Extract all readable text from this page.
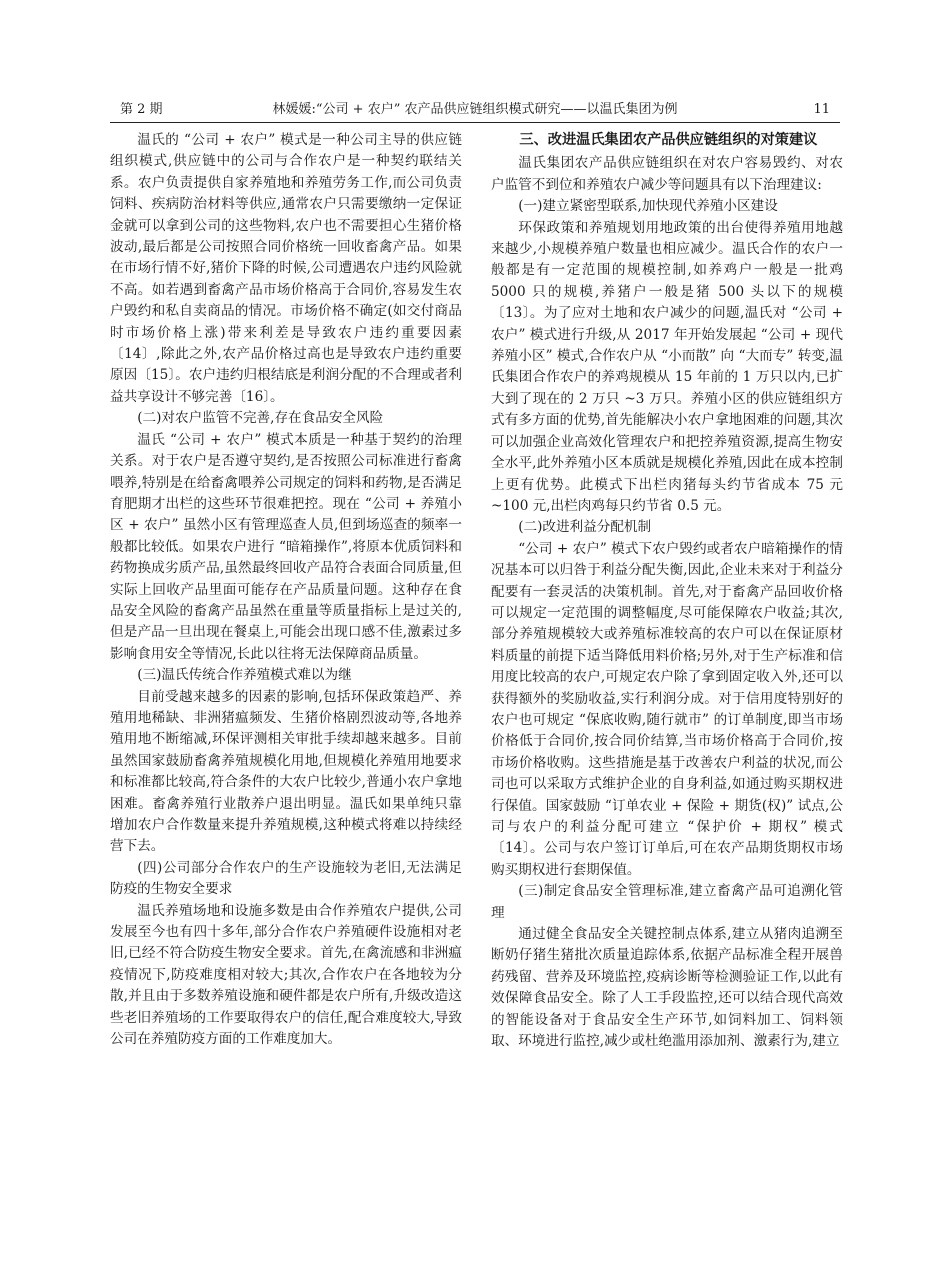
第 2 期	林媛媛:“公司 + 农户” 农产品供应链组织模式研究——以温氏集团为例	11

温氏的 “公司 + 农户” 模式是一种公司主导的供应链组织模式,供应链中的公司与合作农户是一种契约联结关系。农户负责提供自家养殖地和养殖劳务工作,而公司负责饲料、疾病防治材料等供应,通常农户只需要缴纳一定保证金就可以拿到公司的这些物料,农户也不需要担心生猪价格波动,最后都是公司按照合同价格统一回收畜禽产品。如果在市场行情不好,猪价下降的时候,公司遭遇农户违约风险就不高。如若遇到畜禽产品市场价格高于合同价,容易发生农户毁约和私自卖商品的情况。市场价格不确定(如交付商品时市场价格上涨)带来利差是导致农户违约重要因素〔14〕,除此之外,农产品价格过高也是导致农户违约重要原因〔15〕。农户违约归根结底是利润分配的不合理或者利益共享设计不够完善〔16〕。

(二)对农户监管不完善,存在食品安全风险

温氏 “公司 + 农户” 模式本质是一种基于契约的治理关系。对于农户是否遵守契约,是否按照公司标准进行畜禽喂养,特别是在给畜禽喂养公司规定的饲料和药物,是否满足育肥期才出栏的这些环节很难把控。现在 “公司 + 养殖小区 + 农户” 虽然小区有管理巡查人员,但到场巡查的频率一般都比较低。如果农户进行 “暗箱操作”,将原本优质饲料和药物换成劣质产品,虽然最终回收产品符合表面合同质量,但实际上回收产品里面可能存在产品质量问题。这种存在食品安全风险的畜禽产品虽然在重量等质量指标上是过关的,但是产品一旦出现在餐桌上,可能会出现口感不佳,激素过多影响食用安全等情况,长此以往将无法保障商品质量。

(三)温氏传统合作养殖模式难以为继

目前受越来越多的因素的影响,包括环保政策趋严、养殖用地稀缺、非洲猪瘟频发、生猪价格剧烈波动等,各地养殖用地不断缩减,环保评测相关审批手续却越来越多。目前虽然国家鼓励畜禽养殖规模化用地,但规模化养殖用地要求和标准都比较高,符合条件的大农户比较少,普通小农户拿地困难。畜禽养殖行业散养户退出明显。温氏如果单纯只靠增加农户合作数量来提升养殖规模,这种模式将难以持续经营下去。

(四)公司部分合作农户的生产设施较为老旧,无法满足防疫的生物安全要求

温氏养殖场地和设施多数是由合作养殖农户提供,公司发展至今也有四十多年,部分合作农户养殖硬件设施相对老旧,已经不符合防疫生物安全要求。首先,在禽流感和非洲瘟疫情况下,防疫难度相对较大;其次,合作农户在各地较为分散,并且由于多数养殖设施和硬件都是农户所有,升级改造这些老旧养殖场的工作要取得农户的信任,配合难度较大,导致公司在养殖防疫方面的工作难度加大。

三、改进温氏集团农产品供应链组织的对策建议

温氏集团农产品供应链组织在对农户容易毁约、对农户监管不到位和养殖农户减少等问题具有以下治理建议:

(一)建立紧密型联系,加快现代养殖小区建设

环保政策和养殖规划用地政策的出台使得养殖用地越来越少,小规模养殖户数量也相应减少。温氏合作的农户一般都是有一定范围的规模控制,如养鸡户一般是一批鸡 5000 只的规模,养猪户一般是猪 500 头以下的规模〔13〕。为了应对土地和农户减少的问题,温氏对 “公司 + 农户” 模式进行升级,从 2017 年开始发展起 “公司 + 现代养殖小区” 模式,合作农户从 “小而散” 向 “大而专” 转变,温氏集团合作农户的养鸡规模从 15 年前的 1 万只以内,已扩大到了现在的 2 万只 ~3 万只。养殖小区的供应链组织方式有多方面的优势,首先能解决小农户拿地困难的问题,其次可以加强企业高效化管理农户和把控养殖资源,提高生物安全水平,此外养殖小区本质就是规模化养殖,因此在成本控制上更有优势。此模式下出栏肉猪每头约节省成本 75 元 ~100 元,出栏肉鸡每只约节省 0.5 元。

(二)改进利益分配机制

“公司 + 农户” 模式下农户毁约或者农户暗箱操作的情况基本可以归咎于利益分配失衡,因此,企业未来对于利益分配要有一套灵活的决策机制。首先,对于畜禽产品回收价格可以规定一定范围的调整幅度,尽可能保障农户收益;其次,部分养殖规模较大或养殖标准较高的农户可以在保证原材料质量的前提下适当降低用料价格;另外,对于生产标准和信用度比较高的农户,可规定农户除了拿到固定收入外,还可以获得额外的奖励收益,实行利润分成。对于信用度特别好的农户也可规定 “保底收购,随行就市” 的订单制度,即当市场价格低于合同价,按合同价结算,当市场价格高于合同价,按市场价格收购。这些措施是基于改善农户利益的状况,而公司也可以采取方式维护企业的自身利益,如通过购买期权进行保值。国家鼓励 “订单农业 + 保险 + 期货(权)” 试点,公司与农户的利益分配可建立 “保护价 + 期权” 模式〔14〕。公司与农户签订订单后,可在农产品期货期权市场购买期权进行套期保值。

(三)制定食品安全管理标准,建立畜禽产品可追溯化管理

通过健全食品安全关键控制点体系,建立从猪肉追溯至断奶仔猪生猪批次质量追踪体系,依据产品标准全程开展兽药残留、营养及环境监控,疫病诊断等检测验证工作,以此有效保障食品安全。除了人工手段监控,还可以结合现代高效的智能设备对于食品安全生产环节,如饲料加工、饲料领取、环境进行监控,减少或杜绝滥用添加剂、激素行为,建立
